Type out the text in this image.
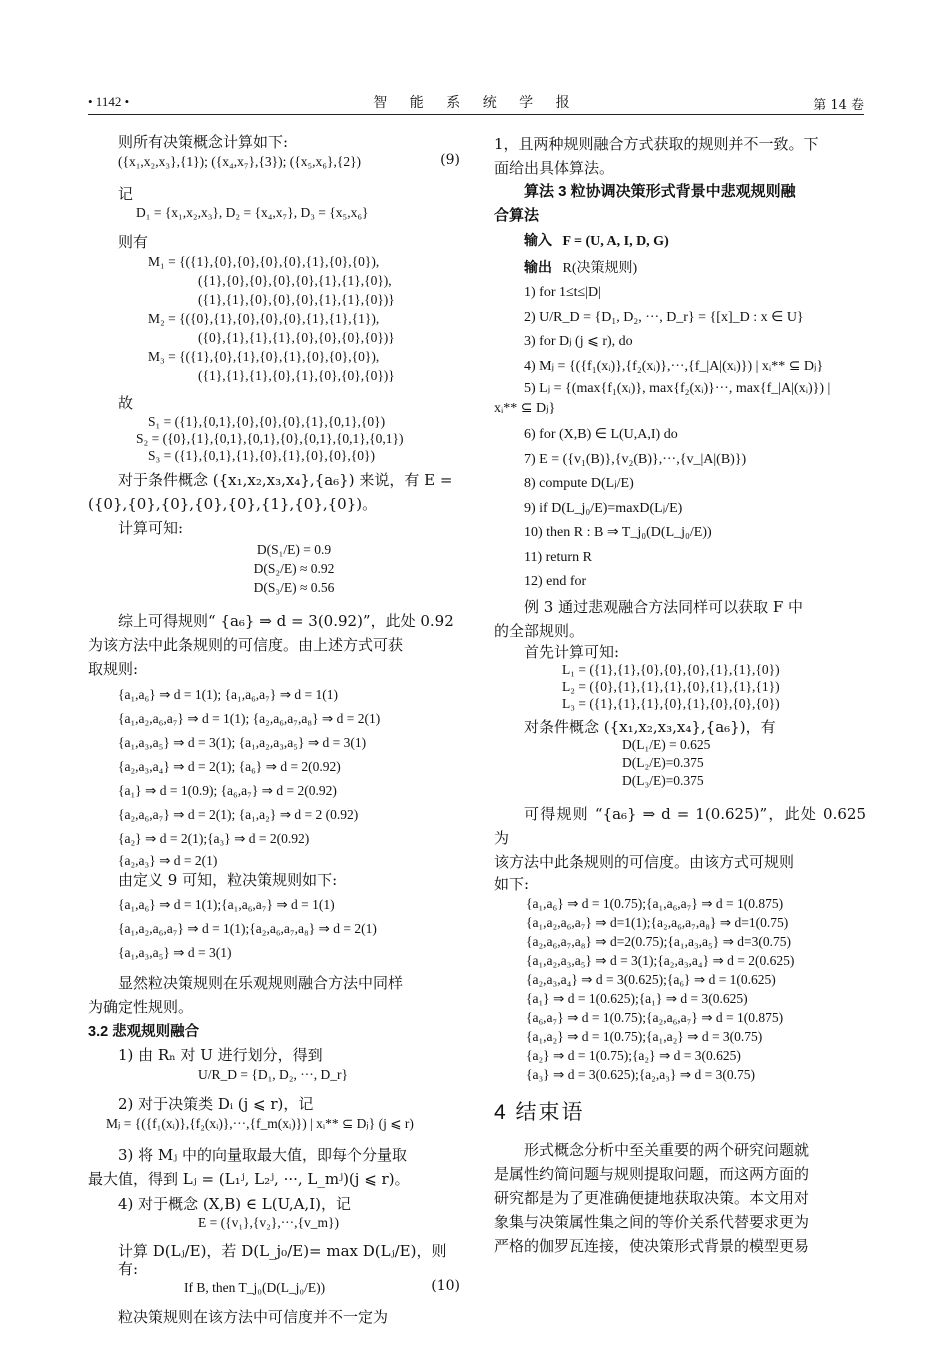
• 1142 •	智 能 系 统 学 报	第 14 卷
则所有决策概念计算如下:
({x₁,x₂,x₃},{1}); ({x₄,x₇},{3}); ({x₅,x₆},{2})	(9)
记
D₁ = {x₁,x₂,x₃}, D₂ = {x₄,x₇}, D₃ = {x₅,x₆}
则有
M₁ = {({1},{0},{0},{0},{0},{1},{0},{0}),
({1},{0},{0},{0},{0},{1},{1},{0}),
({1},{1},{0},{0},{0},{1},{1},{0})}
M₂ = {({0},{1},{0},{0},{0},{1},{1},{1}),
({0},{1},{1},{1},{0},{0},{0},{0})}
M₃ = {({1},{0},{1},{0},{1},{0},{0},{0}),
({1},{1},{1},{0},{1},{0},{0},{0})}
故
S₁ = ({1},{0,1},{0},{0},{0},{1},{0,1},{0})
S₂ = ({0},{1},{0,1},{0,1},{0},{0,1},{0,1},{0,1})
S₃ = ({1},{0,1},{1},{0},{1},{0},{0},{0})
对于条件概念 ({x₁,x₂,x₃,x₄},{a₆}) 来说，有 E =
({0},{0},{0},{0},{0},{1},{0},{0})。
计算可知:
D(S₁/E) = 0.9
D(S₂/E) ≈ 0.92
D(S₃/E) ≈ 0.56
综上可得规则“ {a₆} ⇒ d = 3(0.92)”，此处 0.92
为该方法中此条规则的可信度。由上述方式可获
取规则:
{a₁,a₆} ⇒ d = 1(1); {a₁,a₆,a₇} ⇒ d = 1(1)
{a₁,a₂,a₆,a₇} ⇒ d = 1(1); {a₂,a₆,a₇,a₈} ⇒ d = 2(1)
{a₁,a₃,a₅} ⇒ d = 3(1); {a₁,a₂,a₃,a₅} ⇒ d = 3(1)
{a₂,a₃,a₄} ⇒ d = 2(1); {a₆} ⇒ d = 2(0.92)
{a₁} ⇒ d = 1(0.9); {a₆,a₇} ⇒ d = 2(0.92)
{a₂,a₆,a₇} ⇒ d = 2(1); {a₁,a₂} ⇒ d = 2 (0.92)
{a₂} ⇒ d = 2(1);{a₃} ⇒ d = 2(0.92)
{a₂,a₃} ⇒ d = 2(1)
由定义 9 可知，粒决策规则如下:
{a₁,a₆} ⇒ d = 1(1);{a₁,a₆,a₇} ⇒ d = 1(1)
{a₁,a₂,a₆,a₇} ⇒ d = 1(1);{a₂,a₆,a₇,a₈} ⇒ d = 2(1)
{a₁,a₃,a₅} ⇒ d = 3(1)
显然粒决策规则在乐观规则融合方法中同样
为确定性规则。
3.2 悲观规则融合
1) 由 Rₙ 对 U 进行划分，得到
U/R_D = {D₁, D₂, ···, D_r}
2) 对于决策类 Dᵢ (j ⩽ r)，记
Mⱼ = {({f₁(xᵢ)},{f₂(xᵢ)},···,{f_m(xᵢ)}) | xᵢ** ⊆ Dⱼ} (j ⩽ r)
3) 将 Mⱼ 中的向量取最大值，即每个分量取
最大值，得到 Lⱼ = (L₁ʲ, L₂ʲ, ···, L_mʲ)(j ⩽ r)。
4) 对于概念 (X,B) ∈ L(U,A,I)，记
E = ({v₁},{v₂},···,{v_m})
计算 D(Lⱼ/E)，若 D(L_j₀/E)= max D(Lⱼ/E)，则有:
If B, then T_j₀(D(L_j₀/E))	(10)
粒决策规则在该方法中可信度并不一定为
1，且两种规则融合方式获取的规则并不一致。下
面给出具体算法。
算法 3 粒协调决策形式背景中悲观规则融
合算法
输入 F = (U, A, I, D, G)
输出 R(决策规则)
1) for 1≤t≤|D|
2) U/R_D = {D₁, D₂, ···, D_r} = {[x]_D : x ∈ U}
3) for Dⱼ (j ⩽ r), do
4) Mⱼ = {({f₁(xᵢ)},{f₂(xᵢ)},···,{f_|A|(xᵢ)}) | xᵢ** ⊆ Dⱼ}
5) Lⱼ = {(max{f₁(xᵢ)}, max{f₂(xᵢ)}···, max{f_|A|(xᵢ)}) |
xᵢ** ⊆ Dⱼ}
6) for (X,B) ∈ L(U,A,I) do
7) E = ({v₁(B)},{v₂(B)},···,{v_|A|(B)})
8) compute D(Lⱼ/E)
9) if D(L_j₀/E)=maxD(Lⱼ/E)
10) then R : B ⇒ T_j₀(D(L_j₀/E))
11) return R
12) end for
例 3 通过悲观融合方法同样可以获取 F 中
的全部规则。
首先计算可知:
L₁ = ({1},{1},{0},{0},{0},{1},{1},{0})
L₂ = ({0},{1},{1},{1},{0},{1},{1},{1})
L₃ = ({1},{1},{1},{0},{1},{0},{0},{0})
对条件概念 ({x₁,x₂,x₃,x₄},{a₆})，有
D(L₁/E) = 0.625
D(L₂/E)=0.375
D(L₃/E)=0.375
可得规则 “{a₆} ⇒ d = 1(0.625)”，此处 0.625 为
该方法中此条规则的可信度。由该方式可规则
如下:
{a₁,a₆} ⇒ d = 1(0.75);{a₁,a₆,a₇} ⇒ d = 1(0.875)
{a₁,a₂,a₆,a₇} ⇒ d=1(1);{a₂,a₆,a₇,a₈} ⇒ d=1(0.75)
{a₂,a₆,a₇,a₈} ⇒ d=2(0.75);{a₁,a₃,a₅} ⇒ d=3(0.75)
{a₁,a₂,a₃,a₅} ⇒ d = 3(1);{a₂,a₃,a₄} ⇒ d = 2(0.625)
{a₂,a₃,a₄} ⇒ d = 3(0.625);{a₆} ⇒ d = 1(0.625)
{a₁} ⇒ d = 1(0.625);{a₁} ⇒ d = 3(0.625)
{a₆,a₇} ⇒ d = 1(0.75);{a₂,a₆,a₇} ⇒ d = 1(0.875)
{a₁,a₂} ⇒ d = 1(0.75);{a₁,a₂} ⇒ d = 3(0.75)
{a₂} ⇒ d = 1(0.75);{a₂} ⇒ d = 3(0.625)
{a₃} ⇒ d = 3(0.625);{a₂,a₃} ⇒ d = 3(0.75)
4 结束语
形式概念分析中至关重要的两个研究问题就
是属性约简问题与规则提取问题，而这两方面的
研究都是为了更准确便捷地获取决策。本文用对
象集与决策属性集之间的等价关系代替要求更为
严格的伽罗瓦连接，使决策形式背景的模型更易
